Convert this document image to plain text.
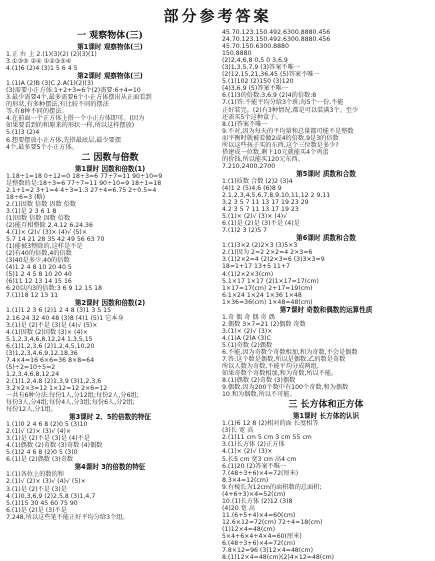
部分参考答案
一 观察物体(三)
第1课时 观察物体(三)
1.正 右 上 2.(1)(3)(2) (2)(3)(1)
3.①③⑤ ②④ ①②③⑤④
4.(1)6 (2)4 (3)1 5 6 4 5
第2课时 观察物体(三)
1.(1)A (2)B (3)C 2.A(1)(2)(3)
(3)需要小正方体:1+2+3=6个(2)需要:6+4=10
3.最少需要4个,最多需要6个小正方体摆出从正面看到
的形状,有多种摆法,有比较不同的摆法
等,有8种不同的摆法。
4.在前面一个正方体上搭一个小正方体即可。(因为
如果要看到的和原来的形状一样,所以这样摆放)
5.(1)3 (2)4
6.想要摆放小正方体,先搭最底层,最少要摆
4个,最多要5个小正方体。
二 因数与倍数
第1课时 因数和倍数(1)
1.18÷1=18 0÷12=0 18÷3=6 77÷7=11 90÷10=9
是整数的是:18÷3=6 77÷7=11 90÷10=9 18÷1=18
2.1+1=2 3+1=4 4÷3=1.3 27÷4=6.75 2÷0.5=4
18÷6=3 (略)
2.(1)因数 倍数 因数 倍数
3.(1)是 2 3 6 1 8
(1)因数 倍数 因数 倍数
(2)能互相整除 2.4.12 6.24.36
4.(1)× (2)√ (3)× (4)√ (5)×
5.7 14 21 28 35 42 49 56 63 70
(1)能被3整除的,这样是不是
(2)有40的倍数,4的倍数
(3)40是多少,40的倍数
(4)1 2 4 8 10 20 40 5
(5)1 2 4 5 8 10 20 40
(6)11 12 13 14 15 16
6.20以内3的倍数:3 6 9 12 15 18
7.(1)18 12 13 11
第2课时 因数和倍数(2)
1.(1)1 2 3 6 (2)1 2 4 8 (3)1 3 5 15
2.16 24 32 40 48 (3)8 (4)1 (5)1 它本身
3.(1)是 (2)不是 (3)是 (4)√ (5)×
4.(1)因数 (2)因数 (3)× (4)×
5.1,2,3,4,6,8,12,24 1,3,5,15
6.(1)1,2,3,6 (2)1,2,4,5,10,20
(3)1,2,3,4,6,9,12,18,36
7.4×4=16 6×6=36 8×8=64
(5)÷2=10÷5=2
1,2,3,4,6,8,12,24
2.(1)1,2,4,8 (2)1,3,9 (3)1,2,3,6
3.2×2×3=12 1×12=12 2×6=12
一共有6种分法:每份1人,分12组;每份2人,分6组;
每份3人,分4组;每份4人,分3组;每份6人,分2组;
每份12人,分1组。
第3课时 2、5的倍数的特征
1.(1)0 2 4 6 8 (2)0 5 (3)10
2.(1)√ (2)× (3)√ (4)×
3.(1)是 (2)不是 (3)是 (4)不是
4.(1)偶数 (2)奇数 (3)奇数 (4)偶数
5.(1)2 4 6 8 (2)0 5 (3)0
6.(1)是 (2)偶数 (3)奇数
第4课时 3的倍数的特征
1.(1)各位上的数的和
2.(1)√ (2)× (3)√ (4)√ (5)×
3.(1)是 (2)不是 (3)是
4.(1)0,3,6,9 (2)2,5,8 (3)1,4,7
5.(1)15 30 45 60 75 90
6.(1)是 (2)是 (3)不是
7.248,所以这些笔不能正好平均分给3个组。
45.70.123.150.492.6300.8880.456
24.70.123.150.492.6300.8880.456
45.70.150.6300.8880
150.8880
(2)2,4,6,8 0,5 0 3,6,9
(3)1,3,5,7,9 (3)答案不唯一
(2)12,15,21,36,45 (5)答案不唯一
5.(1)102 (2)150 (3)120
(4)3,6,9 (5)答案不唯一
6.(1)3的倍数:3,6,9 (2)4的倍数:8
7.(1)答:不能平均分给3个班;每5个一份,不能
正好装完。(2)有3种情况,都是可以装满3个。至少
还需买5个这种盒子。
8.(1)答案不唯一
9.不对,因为每天的平均量和总量都可能不是整数
而平衡时就被看做2或4的倍数,9是3的倍数
所以这些孩子买的东西,这个三位数是多少?
搭建成一位数,剩下10元就能买4个鸡蛋
的价钱,所以能买120元东西。
7.210,2400,2700
第5课时 质数和合数
1.(1)质数 合数 (2)2 (3)4
(4)1 2 (5)4,6 (6)8 9
2.1,2,3,4,5,6,7,8,9,10,11,12 2 9,11
3.2 3 5 7 11 13 17 19 23 29
4.2 3 5 7 11 13 17 19 23
5.(1)× (2)√ (3)× (4)√
6.(1)是 (2)是 (3)不是 (4)是
7.(1)2 3 (2)5 7
第6课时 质数和合数
1.(1)3×2 (2)2×3 (3)5×3
2.(1)因为 2=2 2×2=4 2×3=6
3.(1)2×2=4 (2)2×3=6 (3)3×3=9
18=1+17 13+5 11+7
4.(1)2×2×3(cm)
5.1×17 1×17 (2)1×17=17(cm)
1×17=17(cm) 2+17=19(cm)
6.1×24 1×24 1×36 1×48
1×36=36(cm) 1×48=48(cm)
第7课时 奇数和偶数的运算性质
1.奇 偶 奇 偶 奇 偶
2.偶数 3×7=21 (2)偶数 奇数
3.(1)× (2)√ (3)×
4.(1)A (2)A (3)C
5.(1)奇数 (2)偶数
6.不能,因为奇数个奇数相加,和为奇数,不会是偶数
7.答:这个数是偶数,所以是偶数,乙的数是奇数
所以人数为奇数,不能平均分成两组。
如果奇数个奇数相加,和为奇数,所以不能。
8.(1)偶数 (2)奇数 (3)偶数
9.偶数,因为200个数中有100个奇数,和为偶数
10.和为偶数,所以不可能。
三 长方体和正方体
第1课时 长方体的认识
1.(1)6 12 8 (2)相对的面 长度相等
(3)长 宽 高
2.(1)11 cm 5 cm 3 cm 55 cm
3.(1)长方体 (2)正方体
4.(1)× (2)√ (3)×
5.长5 cm 宽3 cm 高4 cm
6.(1)20 (2)答案不唯一
7.(48÷3+6)×4=72(厘米)
8.3×4=12(cm)
9.有棱长为12cm的面积数的总面积;
(4+6+3)×4=52(cm)
10.(1)长方体 (2)12 (3)8
(4)20 宽 高
11.(6+5+4)×4=60(cm)
12.6×12=72(cm) 72÷4=18(cm)
(1)12×4=48(cm)
5×4+6×4+4×4=60(厘米)
6.(48÷3+6)×4=72(cm)
7.8×12=96 (3)12×4=48(cm)
8.(1)12×4=48(cm)(2)4×12=48(cm)
